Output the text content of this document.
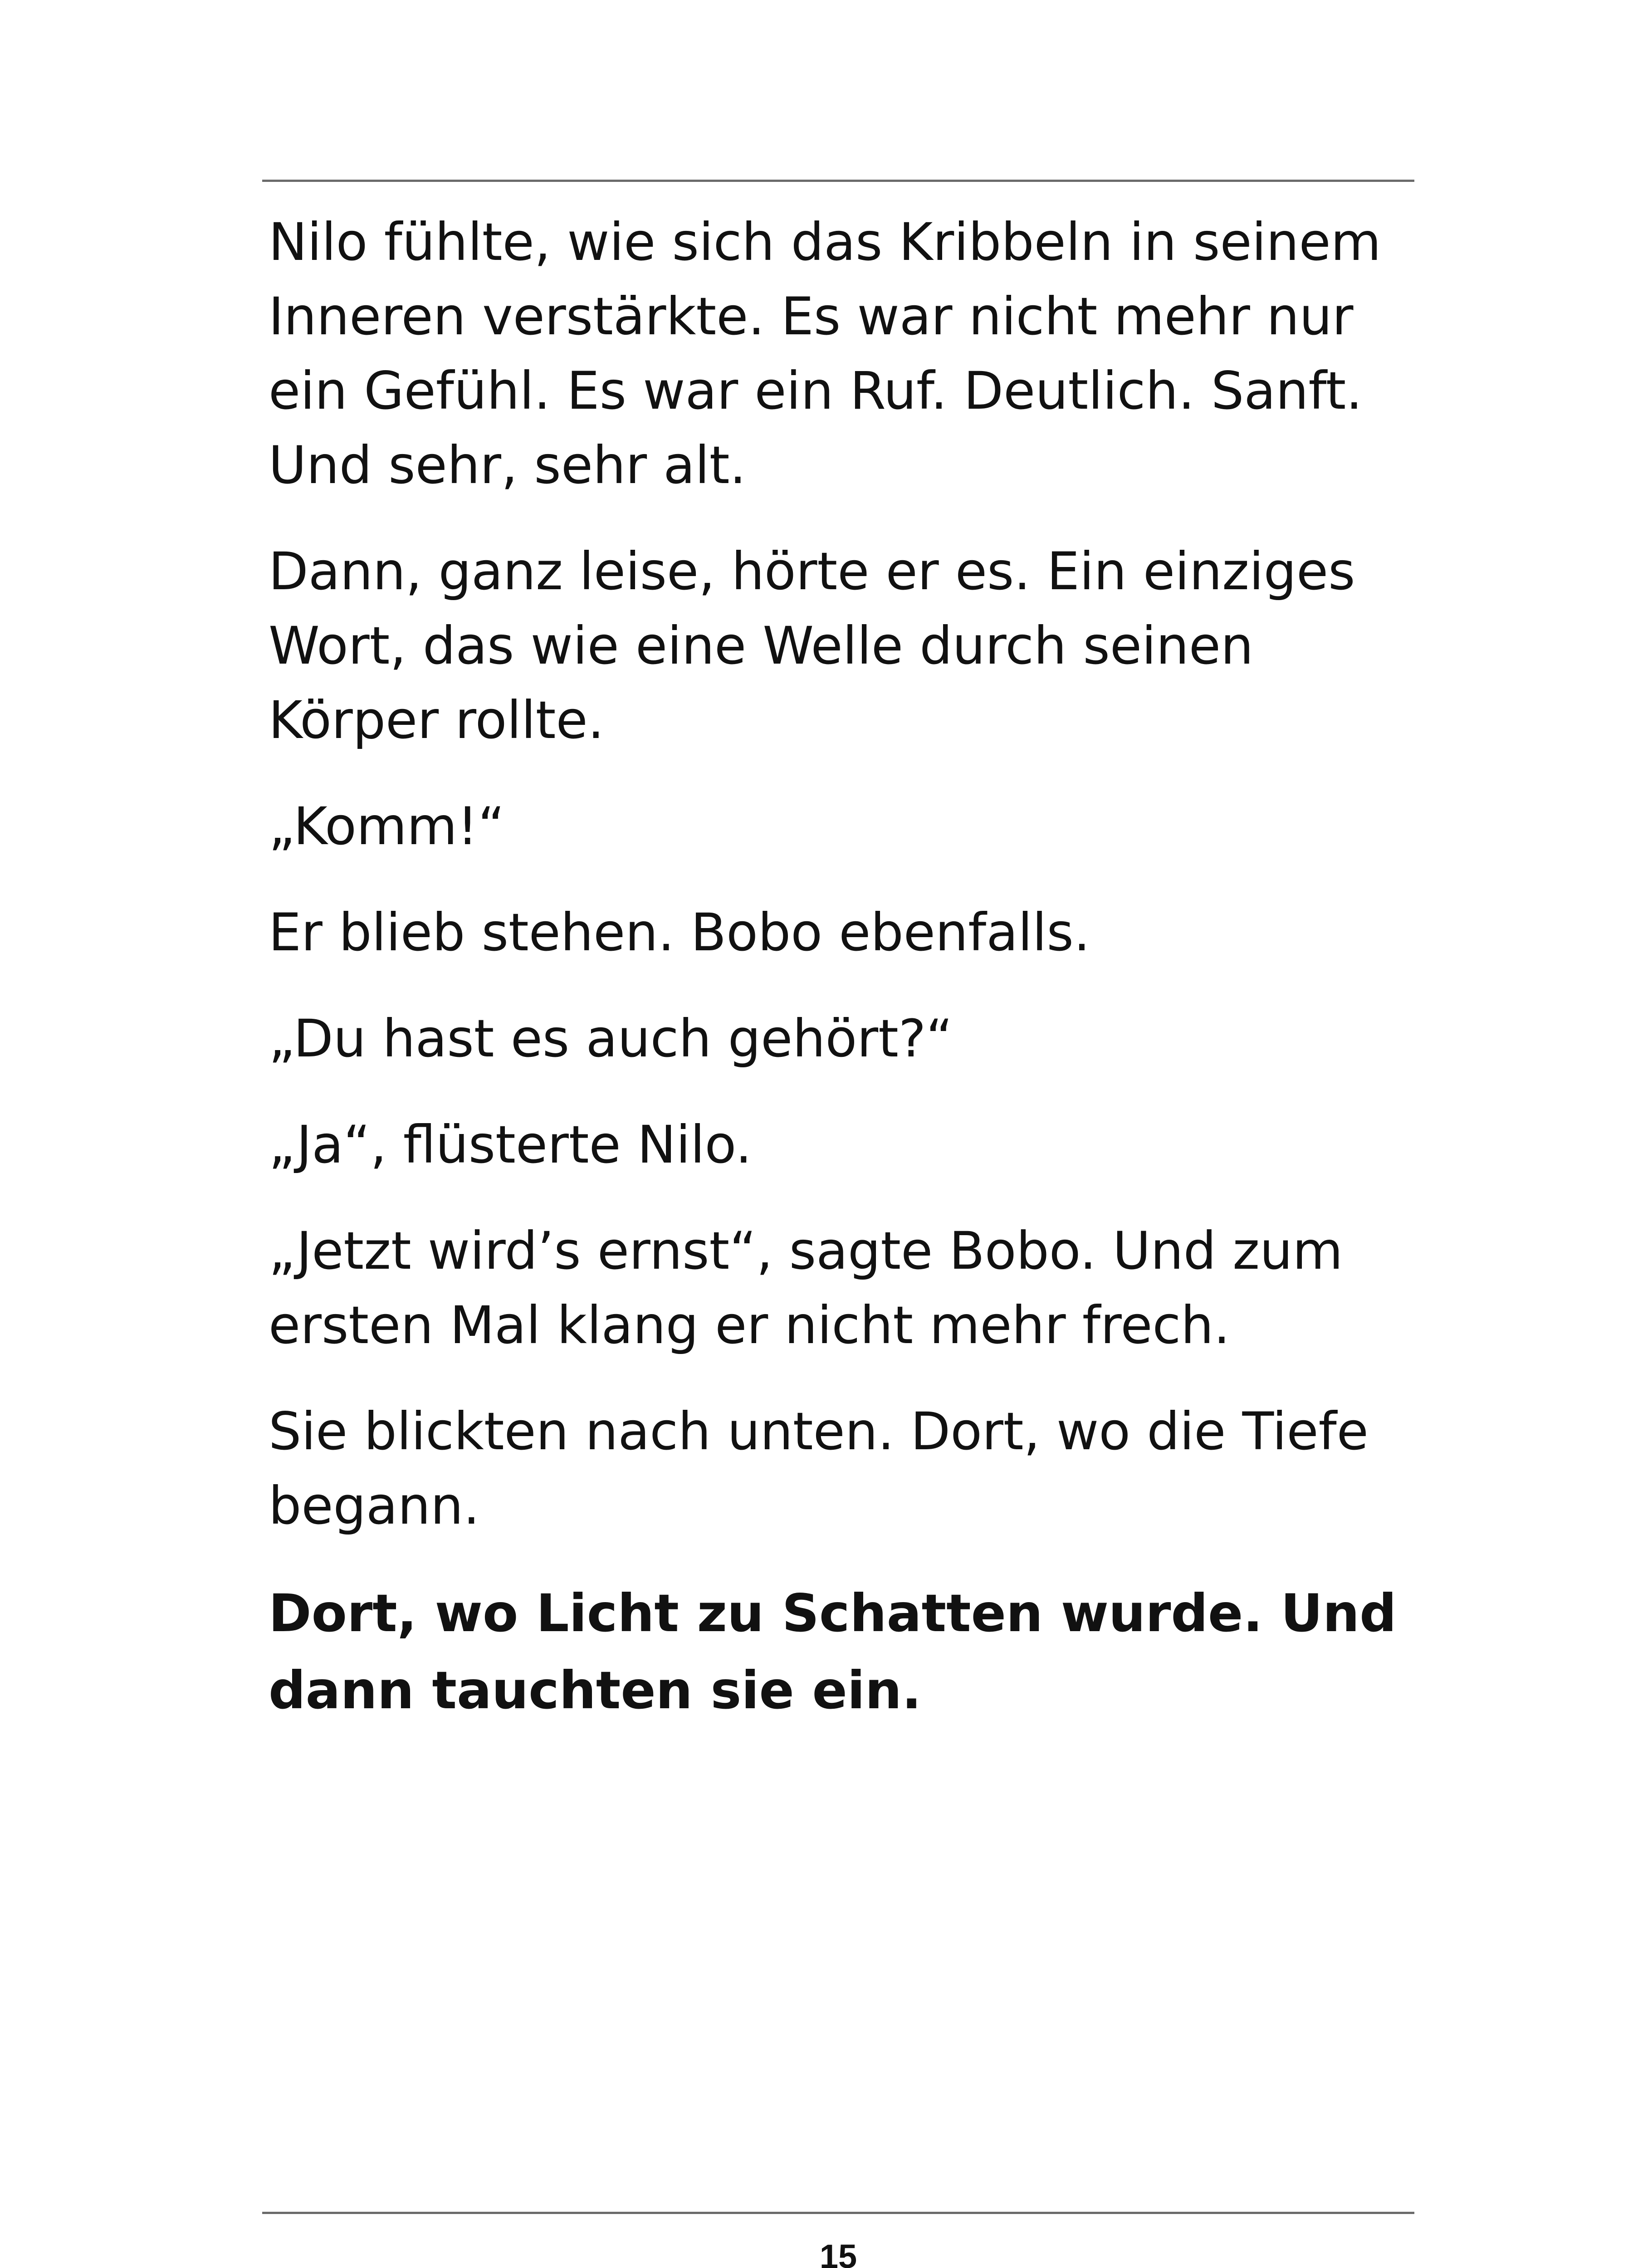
Nilo fühlte, wie sich das Kribbeln in seinem Inneren verstärkte. Es war nicht mehr nur ein Gefühl. Es war ein Ruf. Deutlich. Sanft. Und sehr, sehr alt.

Dann, ganz leise, hörte er es. Ein einziges Wort, das wie eine Welle durch seinen Körper rollte.

„Komm!“

Er blieb stehen. Bobo ebenfalls.

„Du hast es auch gehört?“

„Ja“, flüsterte Nilo.

„Jetzt wird’s ernst“, sagte Bobo. Und zum ersten Mal klang er nicht mehr frech.

Sie blickten nach unten. Dort, wo die Tiefe begann.

Dort, wo Licht zu Schatten wurde. Und dann tauchten sie ein.

15
